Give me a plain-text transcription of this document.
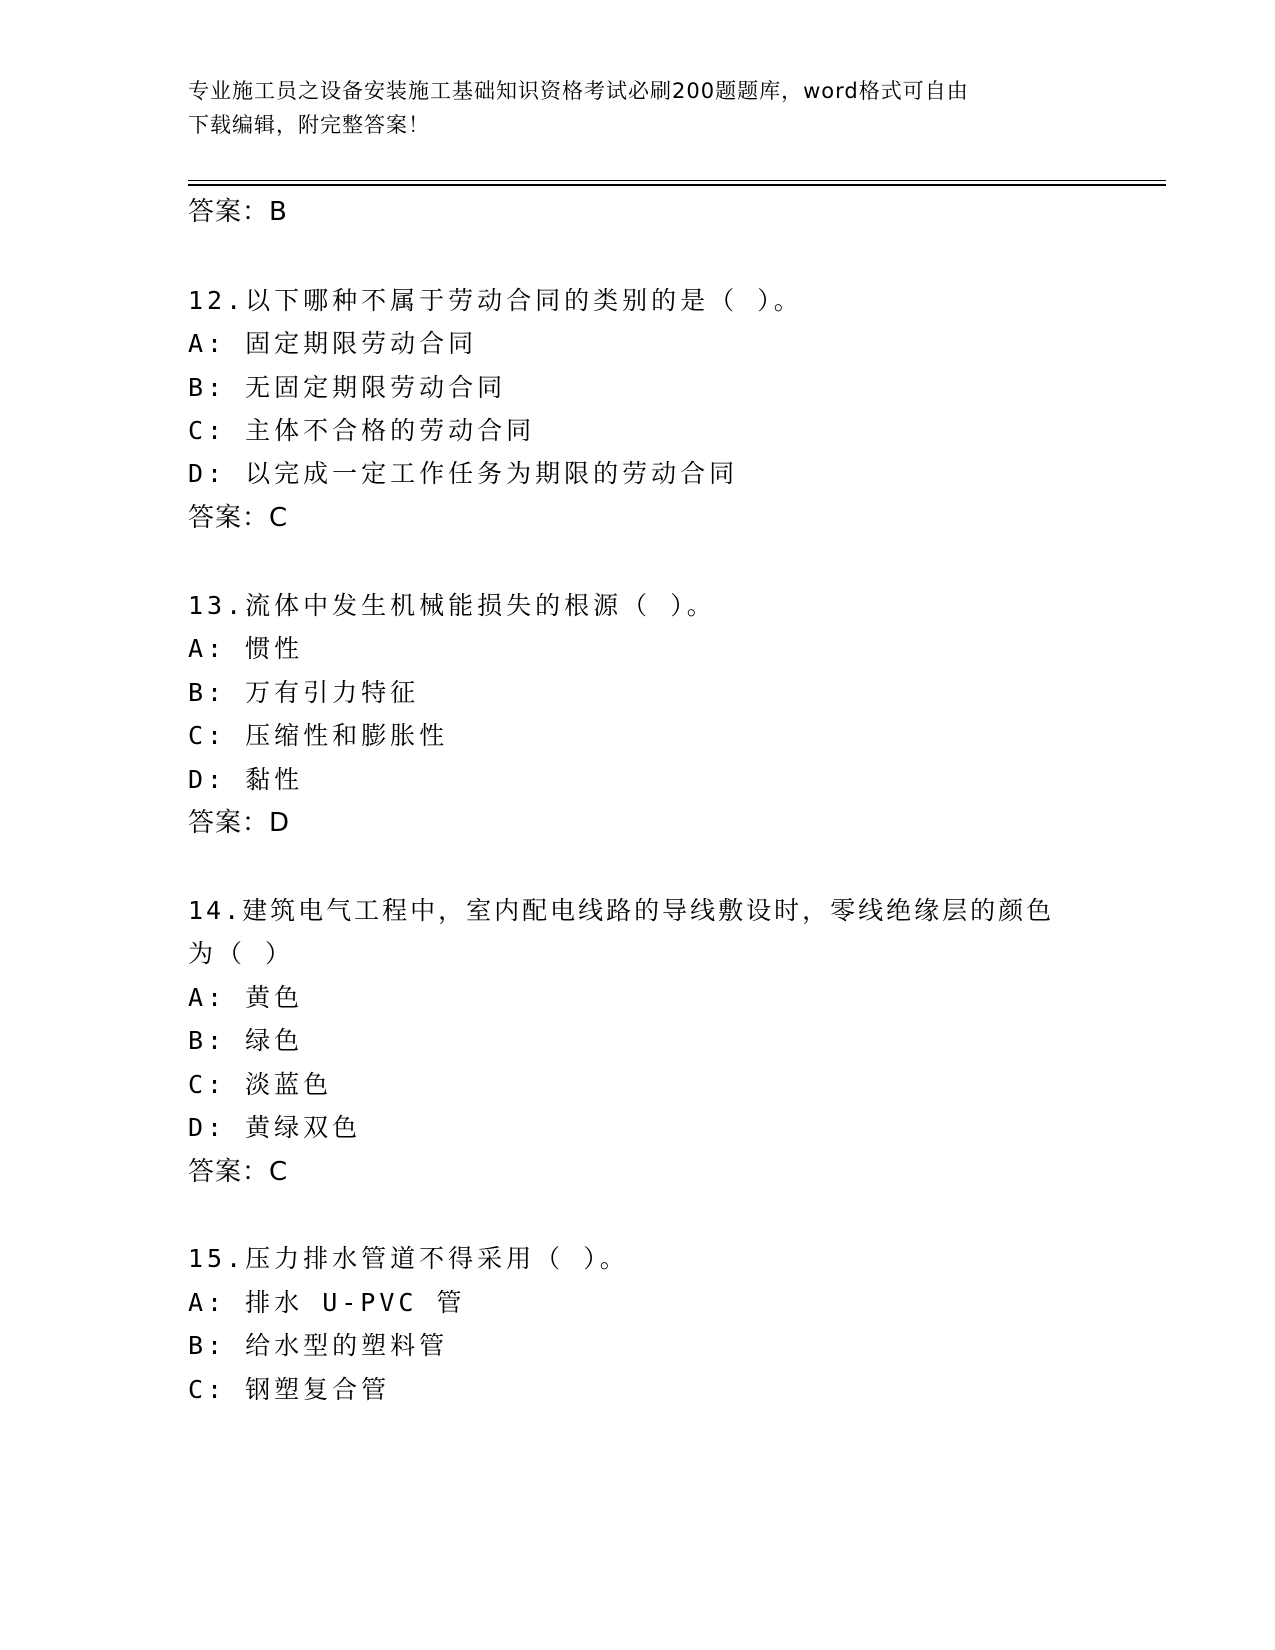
专业施工员之设备安装施工基础知识资格考试必刷200题题库，word格式可自由
下载编辑，附完整答案！
答案：B
12.以下哪种不属于劳动合同的类别的是（ ）。
A: 固定期限劳动合同
B: 无固定期限劳动合同
C: 主体不合格的劳动合同
D: 以完成一定工作任务为期限的劳动合同
答案：C
13.流体中发生机械能损失的根源（ ）。
A: 惯性
B: 万有引力特征
C: 压缩性和膨胀性
D: 黏性
答案：D
14.建筑电气工程中，室内配电线路的导线敷设时，零线绝缘层的颜色
为（ ）
A: 黄色
B: 绿色
C: 淡蓝色
D: 黄绿双色
答案：C
15.压力排水管道不得采用（ ）。
A: 排水 U-PVC 管
B: 给水型的塑料管
C: 钢塑复合管
